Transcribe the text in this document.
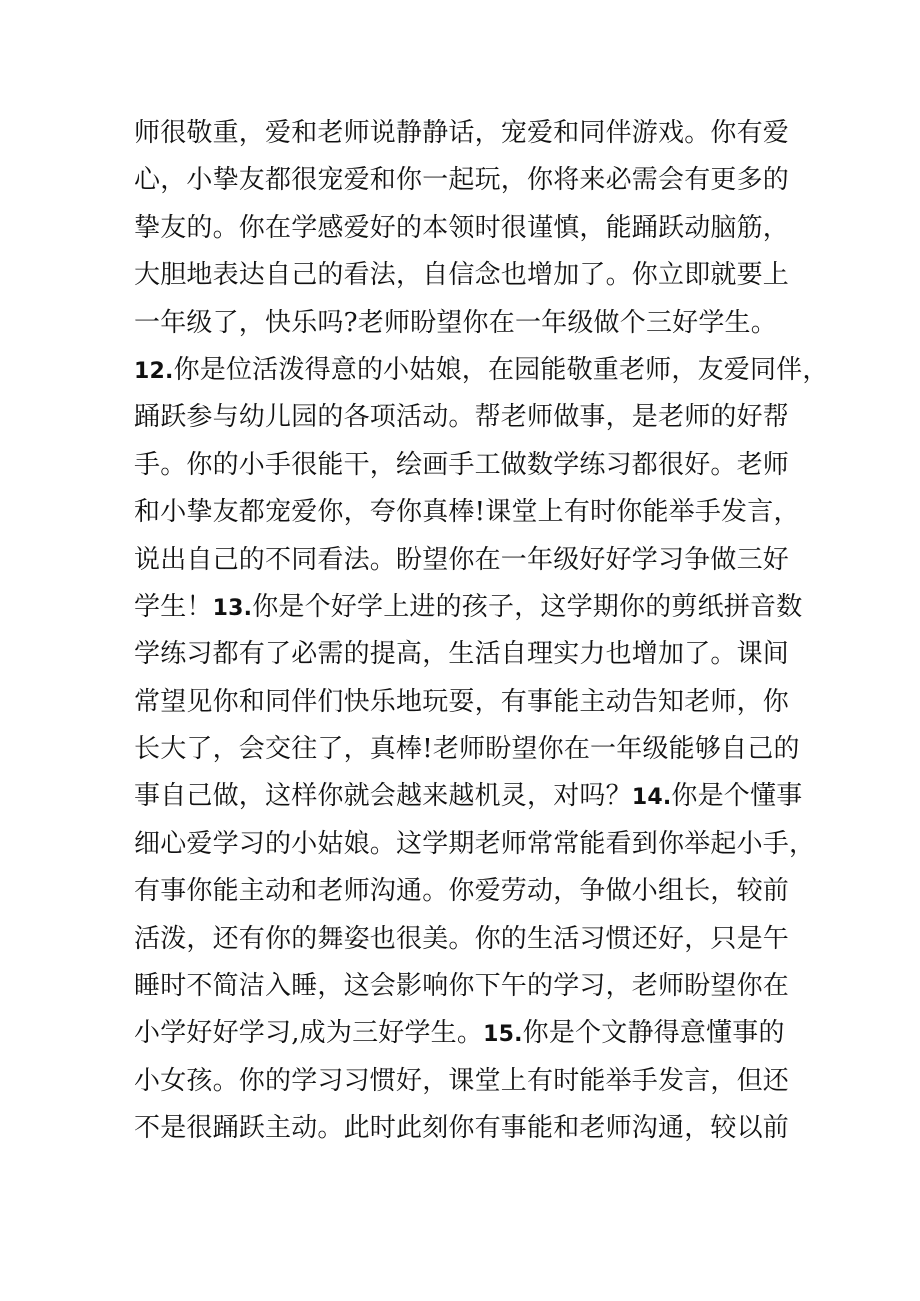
师很敬重，爱和老师说静静话，宠爱和同伴游戏。你有爱
心，小挚友都很宠爱和你一起玩，你将来必需会有更多的
挚友的。你在学感爱好的本领时很谨慎，能踊跃动脑筋，
大胆地表达自己的看法，自信念也增加了。你立即就要上
一年级了，快乐吗?老师盼望你在一年级做个三好学生。
12.你是位活泼得意的小姑娘，在园能敬重老师，友爱同伴，
踊跃参与幼儿园的各项活动。帮老师做事，是老师的好帮
手。你的小手很能干，绘画手工做数学练习都很好。老师
和小挚友都宠爱你，夸你真棒!课堂上有时你能举手发言，
说出自己的不同看法。盼望你在一年级好好学习争做三好
学生！13.你是个好学上进的孩子，这学期你的剪纸拼音数
学练习都有了必需的提高，生活自理实力也增加了。课间
常望见你和同伴们快乐地玩耍，有事能主动告知老师，你
长大了，会交往了，真棒!老师盼望你在一年级能够自己的
事自己做，这样你就会越来越机灵，对吗？14.你是个懂事
细心爱学习的小姑娘。这学期老师常常能看到你举起小手，
有事你能主动和老师沟通。你爱劳动，争做小组长，较前
活泼，还有你的舞姿也很美。你的生活习惯还好，只是午
睡时不简洁入睡，这会影响你下午的学习，老师盼望你在
小学好好学习,成为三好学生。15.你是个文静得意懂事的
小女孩。你的学习习惯好，课堂上有时能举手发言，但还
不是很踊跃主动。此时此刻你有事能和老师沟通，较以前
